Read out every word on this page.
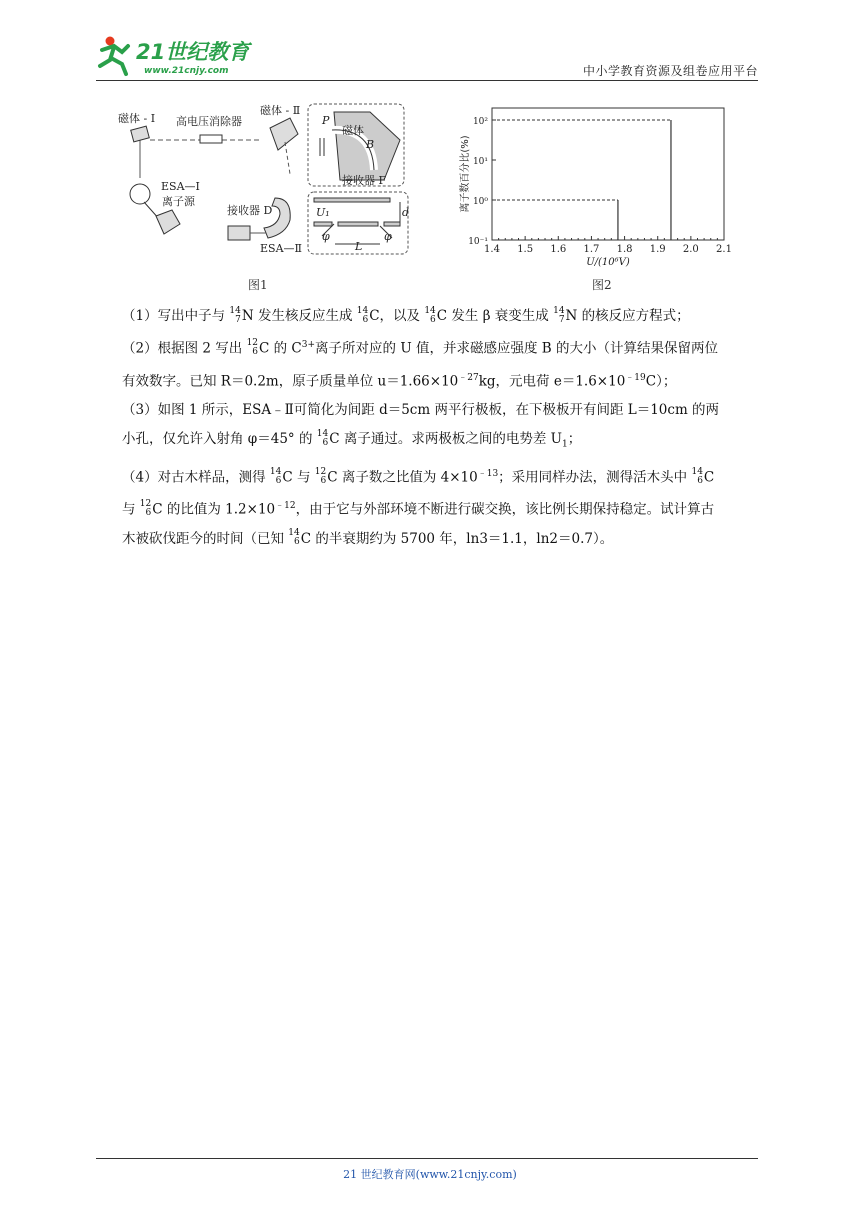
21世纪教育
www.21cnjy.com	中小学教育资源及组卷应用平台
磁体 - I 高电压消除器
磁体 - Ⅱ
ESA—I
离子源
接收器 D
ESA—Ⅱ
P
磁体
B
接收器 F
U₁	d
φ	φ
L
图1
1.4 1.5 1.6 1.7 1.8 1.9 2.0 2.1
10⁻¹
10⁰
10¹
10²
U/(10⁶V)
离子数百分比(%)
图2

（1）写出中子与 14
7 N 发生核反应生成 14
6 C，以及 14
6 C 发生 β 衰变生成 14
7 N 的核反应方程式；

（2）根据图 2 写出 12
6 C 的 $C^{3+}$离子所对应的 U 值，并求磁感应强度 B 的大小（计算结果保留两位
有效数字。已知 R＝0.2m，原子质量单位 $u=1.66\times 10^{﹣27}kg$，元电荷 $e=1.6\times 10^{﹣19}C$）；

（3）如图 1 所示，ESA﹣Ⅱ可简化为间距 d＝5cm 两平行极板，在下极板开有间距 L＝10cm 的两
小孔，仅允许入射角 φ＝45° 的 14
6 C 离子通过。求两极板之间的电势差 $U_1$；

（4）对古木样品，测得 14
6 C 与 12
6 C 离子数之比值为 $4\times 10^{﹣13}$；采用同样办法，测得活木头中 14
6 C
与 12
6 C 的比值为 $1.2\times 10^{﹣12}$，由于它与外部环境不断进行碳交换，该比例长期保持稳定。试计算古
木被砍伐距今的时间（已知 14
6 C 的半衰期约为 5700 年，ln3＝1.1，ln2＝0.7）。

21 世纪教育网(www.21cnjy.com)
